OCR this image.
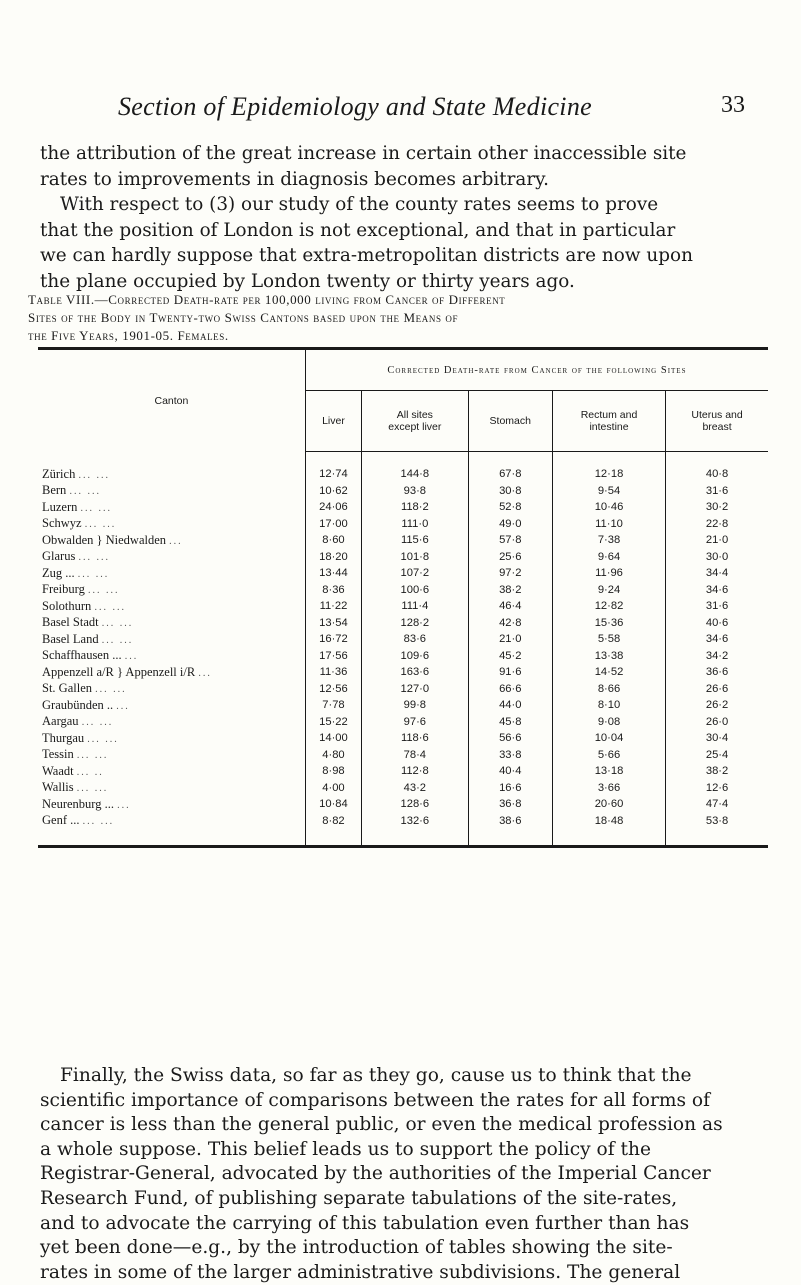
Section of Epidemiology and State Medicine	33
the attribution of the great increase in certain other inaccessible site
rates to improvements in diagnosis becomes arbitrary.
With respect to (3) our study of the county rates seems to prove
that the position of London is not exceptional, and that in particular
we can hardly suppose that extra-metropolitan districts are now upon
the plane occupied by London twenty or thirty years ago.
Table VIII.—Corrected Death-rate per 100,000 living from Cancer of Different
Sites of the Body in Twenty-two Swiss Cantons based upon the Means of
the Five Years, 1901-05. Females.
Canton	Corrected Death-rate from Cancer of the following Sites				
	Liver	All sites
except liver	Stomach	Rectum and
intestine	Uterus and
breast
Zürich ... ...	12·74	144·8	67·8	12·18	40·8
Bern ... ...	10·62	93·8	30·8	9·54	31·6
Luzern ... ...	24·06	118·2	52·8	10·46	30·2
Schwyz ... ...	17·00	111·0	49·0	11·10	22·8
Obwalden } Niedwalden ...	8·60	115·6	57·8	7·38	21·0
Glarus ... ...	18·20	101·8	25·6	9·64	30·0
Zug ... ... ...	13·44	107·2	97·2	11·96	34·4
Freiburg ... ...	8·36	100·6	38·2	9·24	34·6
Solothurn ... ...	11·22	111·4	46·4	12·82	31·6
Basel Stadt ... ...	13·54	128·2	42·8	15·36	40·6
Basel Land ... ...	16·72	83·6	21·0	5·58	34·6
Schaffhausen ... ...	17·56	109·6	45·2	13·38	34·2
Appenzell a/R } Appenzell i/R ...	11·36	163·6	91·6	14·52	36·6
St. Gallen ... ...	12·56	127·0	66·6	8·66	26·6
Graubünden .. ...	7·78	99·8	44·0	8·10	26·2
Aargau ... ...	15·22	97·6	45·8	9·08	26·0
Thurgau ... ...	14·00	118·6	56·6	10·04	30·4
Tessin ... ...	4·80	78·4	33·8	5·66	25·4
Waadt ... ..	8·98	112·8	40·4	13·18	38·2
Wallis ... ...	4·00	43·2	16·6	3·66	12·6
Neurenburg ... ...	10·84	128·6	36·8	20·60	47·4
Genf ... ... ...	8·82	132·6	38·6	18·48	53·8
Finally, the Swiss data, so far as they go, cause us to think that the
scientific importance of comparisons between the rates for all forms of
cancer is less than the general public, or even the medical profession as
a whole suppose. This belief leads us to support the policy of the
Registrar-General, advocated by the authorities of the Imperial Cancer
Research Fund, of publishing separate tabulations of the site-rates,
and to advocate the carrying of this tabulation even further than has
yet been done—e.g., by the introduction of tables showing the site-
rates in some of the larger administrative subdivisions. The general
